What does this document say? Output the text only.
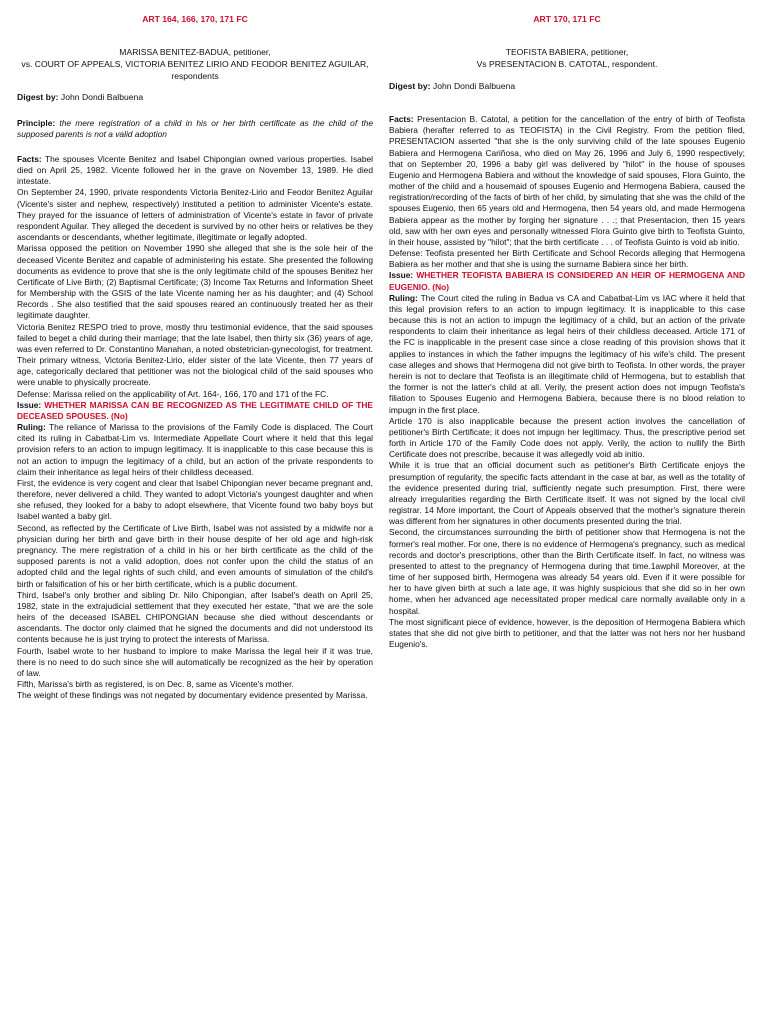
ART 164, 166, 170, 171 FC
MARISSA BENITEZ-BADUA, petitioner,
vs. COURT OF APPEALS, VICTORIA BENITEZ LIRIO AND FEODOR BENITEZ AGUILAR, respondents
Digest by: John Dondi Balbuena

Principle: the mere registration of a child in his or her birth certificate as the child of the supposed parents is not a valid adoption

Facts: The spouses Vicente Benitez and Isabel Chipongian owned various properties. Isabel died on April 25, 1982. Vicente followed her in the grave on November 13, 1989. He died intestate.

On September 24, 1990, private respondents Victoria Benitez-Lirio and Feodor Benitez Aguilar (Vicente's sister and nephew, respectively) instituted a petition to administer Vicente's estate. They prayed for the issuance of letters of administration of Vicente's estate in favor of private respondent Aguilar. They alleged the decedent is survived by no other heirs or relatives be they ascendants or descendants, whether legitimate, illegitimate or legally adopted.

Marissa opposed the petition on November 1990 she alleged that she is the sole heir of the deceased Vicente Benitez and capable of administering his estate. She presented the following documents as evidence to prove that she is the only legitimate child of the spouses Benitez her Certificate of Live Birth; (2) Baptismal Certificate; (3) Income Tax Returns and Information Sheet for Membership with the GSIS of the late Vicente naming her as his daughter; and (4) School Records . She also testified that the said spouses reared an continuously treated her as their legitimate daughter.

Victoria Benitez RESPO tried to prove, mostly thru testimonial evidence, that the said spouses failed to beget a child during their marriage; that the late Isabel, then thirty six (36) years of age, was even referred to Dr. Constantino Manahan, a noted obstetrician-gynecologist, for treatment. Their primary witness, Victoria Benitez-Lirio, elder sister of the late Vicente, then 77 years of age, categorically declared that petitioner was not the biological child of the said spouses who were unable to physically procreate.

Defense: Marissa relied on the applicability of Art. 164-, 166, 170 and 171 of the FC.

Issue: WHETHER MARISSA CAN BE RECOGNIZED AS THE LEGITIMATE CHILD OF THE DECEASED SPOUSES. (No)

Ruling: The reliance of Marissa to the provisions of the Family Code is displaced. The Court cited its ruling in Cabatbat-Lim vs. Intermediate Appellate Court where it held that this legal provision refers to an action to impugn legitimacy. It is inapplicable to this case because this is not an action to impugn the legitimacy of a child, but an action of the private respondents to claim their inheritance as legal heirs of their childless deceased.

First, the evidence is very cogent and clear that Isabel Chipongian never became pregnant and, therefore, never delivered a child. They wanted to adopt Victoria's youngest daughter and when she refused, they looked for a baby to adopt elsewhere, that Vicente found two baby boys but Isabel wanted a baby girl.

Second, as reflected by the Certificate of Live Birth, Isabel was not assisted by a midwife nor a physician during her birth and gave birth in their house despite of her old age and high-risk pregnancy. The mere registration of a child in his or her birth certificate as the child of the supposed parents is not a valid adoption, does not confer upon the child the status of an adopted child and the legal rights of such child, and even amounts of simulation of the child's birth or falsification of his or her birth certificate, which is a public document.

Third, Isabel's only brother and sibling Dr. Nilo Chipongian, after Isabel's death on April 25, 1982, state in the extrajudicial settlement that they executed her estate, "that we are the sole heirs of the deceased ISABEL CHIPONGIAN because she died without descendants or ascendants. The doctor only claimed that he signed the documents and did not understood its contents because he is just trying to protect the interests of Marissa.

Fourth, Isabel wrote to her husband to implore to make Marissa the legal heir if it was true, there is no need to do such since she will automatically be recognized as the heir by operation of law.

Fifth, Marissa's birth as registered, is on Dec. 8, same as Vicente's mother.

The weight of these findings was not negated by documentary evidence presented by Marissa.

ART 170, 171 FC
TEOFISTA BABIERA, petitioner,
Vs PRESENTACION B. CATOTAL, respondent.
Digest by: John Dondi Balbuena

Facts: Presentacion B. Catotal, a petition for the cancellation of the entry of birth of Teofista Babiera (herafter referred to as TEOFISTA) in the Civil Registry. From the petition filed, PRESENTACION asserted "that she is the only surviving child of the late spouses Eugenio Babiera and Hermogena Cariñosa, who died on May 26, 1996 and July 6, 1990 respectively; that on September 20, 1996 a baby girl was delivered by "hilot" in the house of spouses Eugenio and Hermogena Babiera and without the knowledge of said spouses, Flora Guinto, the mother of the child and a housemaid of spouses Eugenio and Hermogena Babiera, caused the registration/recording of the facts of birth of her child, by simulating that she was the child of the spouses Eugenio, then 65 years old and Hermogena, then 54 years old, and made Hermogena Babiera appear as the mother by forging her signature . . .; that Presentacion, then 15 years old, saw with her own eyes and personally witnessed Flora Guinto give birth to Teofista Guinto, in their house, assisted by "hilot"; that the birth certificate . . . of Teofista Guinto is void ab initio.

Defense: Teofista presented her Birth Certificate and School Records alleging that Hermogena Babiera as her mother and that she is using the surname Babiera since her birth.

Issue: WHETHER TEOFISTA BABIERA IS CONSIDERED AN HEIR OF HERMOGENA AND EUGENIO. (No)

Ruling: The Court cited the ruling in Badua vs CA and Cabatbat-Lim vs IAC where it held that this legal provision refers to an action to impugn legitimacy. It is inapplicable to this case because this is not an action to impugn the legitimacy of a child, but an action of the private respondents to claim their inheritance as legal heirs of their childless deceased. Article 171 of the FC is inapplicable in the present case since a close reading of this provision shows that it applies to instances in which the father impugns the legitimacy of his wife's child. The present case alleges and shows that Hermogena did not give birth to Teofista. In other words, the prayer herein is not to declare that Teofista is an illegitimate child of Hermogena, but to establish that the former is not the latter's child at all. Verily, the present action does not impugn Teofista's filiation to Spouses Eugenio and Hermogena Babiera, because there is no blood relation to impugn in the first place.

Article 170 is also inapplicable because the present action involves the cancellation of petitioner's Birth Certificate; it does not impugn her legitimacy. Thus, the prescriptive period set forth in Article 170 of the Family Code does not apply. Verily, the action to nullify the Birth Certificate does not prescribe, because it was allegedly void ab initio.

While it is true that an official document such as petitioner's Birth Certificate enjoys the presumption of regularity, the specific facts attendant in the case at bar, as well as the totality of the evidence presented during trial, sufficiently negate such presumption. First, there were already irregularities regarding the Birth Certificate itself. It was not signed by the local civil registrar. 14 More important, the Court of Appeals observed that the mother's signature therein was different from her signatures in other documents presented during the trial.

Second, the circumstances surrounding the birth of petitioner show that Hermogena is not the former's real mother. For one, there is no evidence of Hermogena's pregnancy, such as medical records and doctor's prescriptions, other than the Birth Certificate itself. In fact, no witness was presented to attest to the pregnancy of Hermogena during that time.1awphil Moreover, at the time of her supposed birth, Hermogena was already 54 years old. Even if it were possible for her to have given birth at such a late age, it was highly suspicious that she did so in her own home, when her advanced age necessitated proper medical care normally available only in a hospital.

The most significant piece of evidence, however, is the deposition of Hermogena Babiera which states that she did not give birth to petitioner, and that the latter was not hers nor her husband Eugenio's.
